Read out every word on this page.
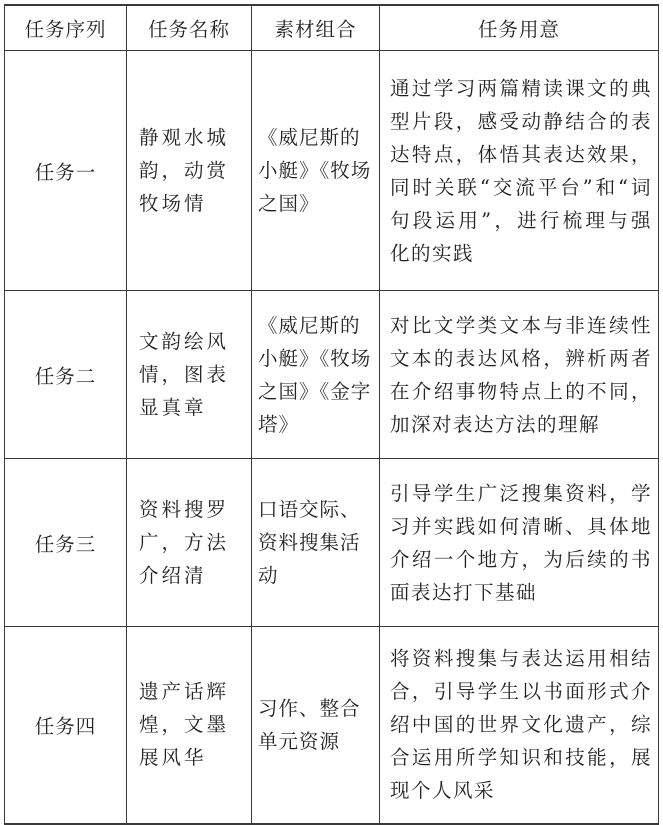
任务序列	任务名称	素材组合	任务用意
任务一	静观水城韵，动赏牧场情	《威尼斯的小艇》《牧场之国》	通过学习两篇精读课文的典型片段，感受动静结合的表达特点，体悟其表达效果，同时关联“交流平台”和“词句段运用”，进行梳理与强化的实践

任务二	文韵绘风情，图表显真章	《威尼斯的小艇》《牧场之国》《金字塔》	对比文学类文本与非连续性文本的表达风格，辨析两者在介绍事物特点上的不同，加深对表达方法的理解

任务三	资料搜罗广，方法介绍清	口语交际、资料搜集活动	引导学生广泛搜集资料，学习并实践如何清晰、具体地介绍一个地方，为后续的书面表达打下基础

任务四	遗产话辉煌，文墨展风华	习作、整合单元资源	将资料搜集与表达运用相结合，引导学生以书面形式介绍中国的世界文化遗产，综合运用所学知识和技能，展现个人风采
